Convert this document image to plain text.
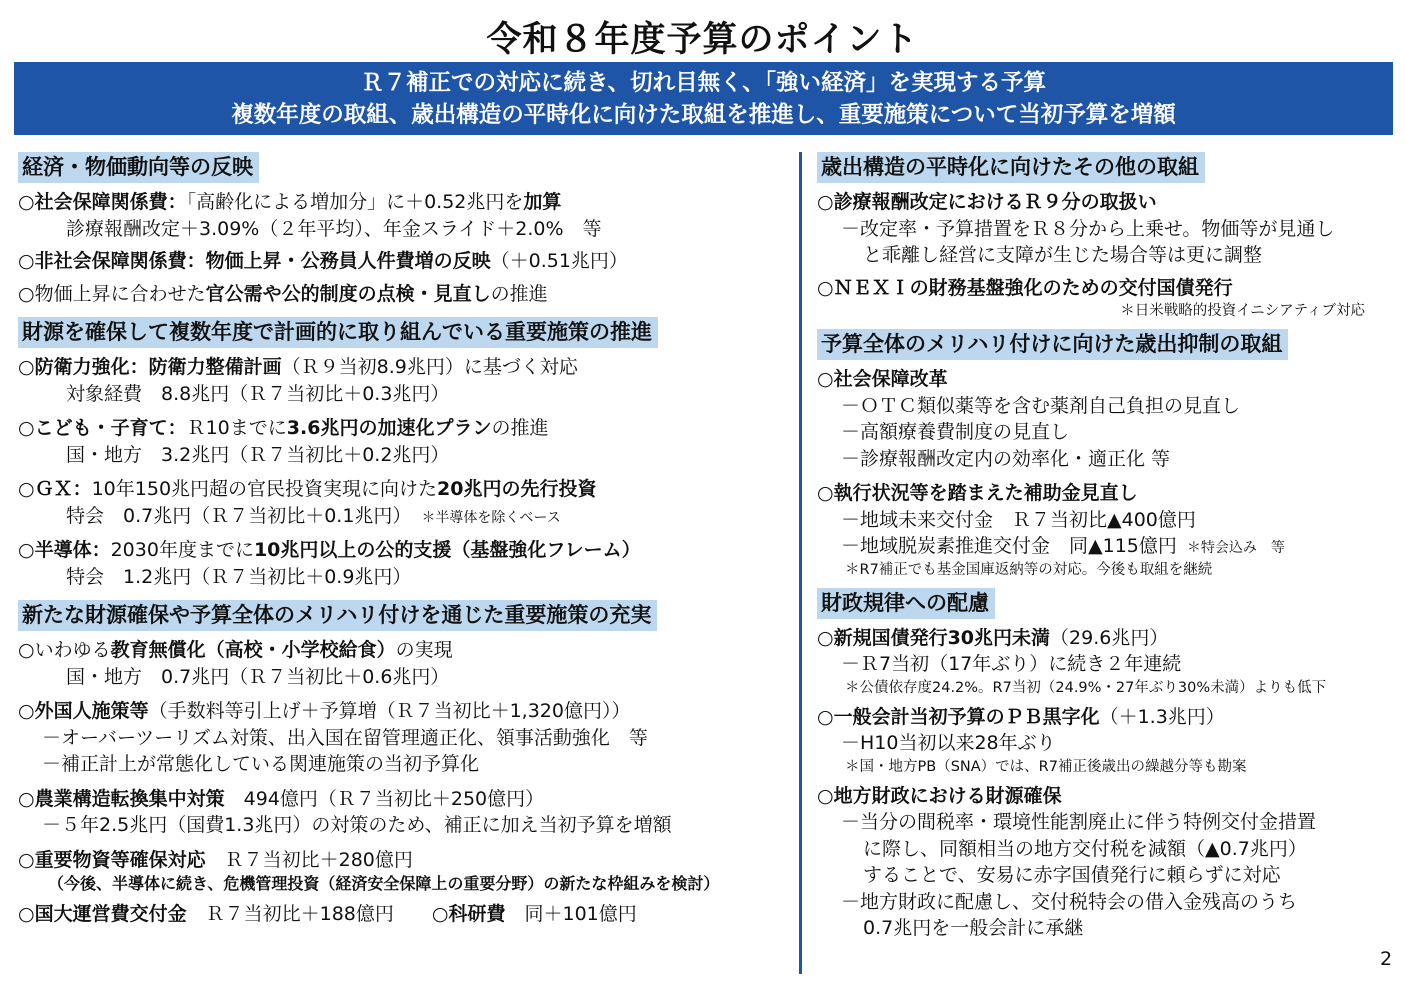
令和８年度予算のポイント
Ｒ７補正での対応に続き、切れ目無く、「強い経済」を実現する予算
複数年度の取組、歳出構造の平時化に向けた取組を推進し、重要施策について当初予算を増額
経済・物価動向等の反映
○社会保障関係費：「高齢化による増加分」に＋0.52兆円を加算
診療報酬改定＋3.09%（２年平均）、年金スライド＋2.0%　等
○非社会保障関係費：物価上昇・公務員人件費増の反映（＋0.51兆円）
○物価上昇に合わせた官公需や公的制度の点検・見直しの推進
財源を確保して複数年度で計画的に取り組んでいる重要施策の推進
○防衛力強化：防衛力整備計画（Ｒ９当初8.9兆円）に基づく対応
対象経費　8.8兆円（Ｒ７当初比＋0.3兆円）
○こども・子育て：Ｒ10までに3.6兆円の加速化プランの推進
国・地方　3.2兆円（Ｒ７当初比＋0.2兆円）
○ＧＸ：10年150兆円超の官民投資実現に向けた20兆円の先行投資
特会　0.7兆円（Ｒ７当初比＋0.1兆円） ＊半導体を除くベース
○半導体：2030年度までに10兆円以上の公的支援（基盤強化フレーム）
特会　1.2兆円（Ｒ７当初比＋0.9兆円）
新たな財源確保や予算全体のメリハリ付けを通じた重要施策の充実
○いわゆる教育無償化（高校・小学校給食）の実現
国・地方　0.7兆円（Ｒ７当初比＋0.6兆円）
○外国人施策等（手数料等引上げ＋予算増（Ｒ７当初比＋1,320億円））
－オーバーツーリズム対策、出入国在留管理適正化、領事活動強化　等
－補正計上が常態化している関連施策の当初予算化
○農業構造転換集中対策　 494億円（Ｒ７当初比＋250億円）
－５年2.5兆円（国費1.3兆円）の対策のため、補正に加え当初予算を増額
○重要物資等確保対応　 Ｒ７当初比＋280億円
（今後、半導体に続き、危機管理投資（経済安全保障上の重要分野）の新たな枠組みを検討）
○国大運営費交付金　 Ｒ７当初比＋188億円　　 ○科研費　 同＋101億円
歳出構造の平時化に向けたその他の取組
○診療報酬改定におけるＲ９分の取扱い
－改定率・予算措置をＲ８分から上乗せ。物価等が見通し
と乖離し経営に支障が生じた場合等は更に調整
○ＮＥＸＩの財務基盤強化のための交付国債発行
＊日米戦略的投資イニシアティブ対応
予算全体のメリハリ付けに向けた歳出抑制の取組
○社会保障改革
－ＯＴＣ類似薬等を含む薬剤自己負担の見直し
－高額療養費制度の見直し
－診療報酬改定内の効率化・適正化 等
○執行状況等を踏まえた補助金見直し
－地域未来交付金　Ｒ７当初比▲400億円
－地域脱炭素推進交付金　同▲115億円 ＊特会込み　等
＊R7補正でも基金国庫返納等の対応。今後も取組を継続
財政規律への配慮
○新規国債発行30兆円未満（29.6兆円）
－Ｒ7当初（17年ぶり）に続き２年連続
＊公債依存度24.2%。R7当初（24.9%・27年ぶり30%未満）よりも低下
○一般会計当初予算のＰＢ黒字化（＋1.3兆円）
－H10当初以来28年ぶり
＊国・地方PB（SNA）では、R7補正後歳出の繰越分等も勘案
○地方財政における財源確保
－当分の間税率・環境性能割廃止に伴う特例交付金措置
に際し、同額相当の地方交付税を減額（▲0.7兆円）
することで、安易に赤字国債発行に頼らずに対応
－地方財政に配慮し、交付税特会の借入金残高のうち
0.7兆円を一般会計に承継
2
